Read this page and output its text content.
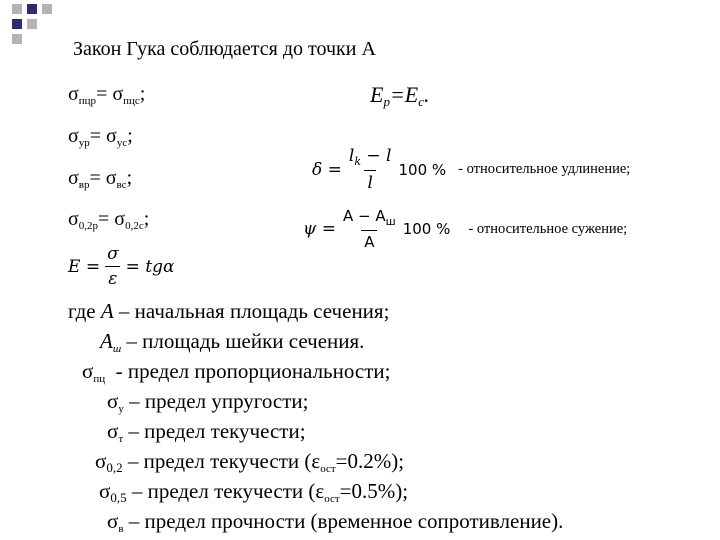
Закон Гука соблюдается до точки А
$\sigma_{пцр}= \sigma_{пцс}$;
$\sigma_{уp}= \sigma_{ус}$;
$\sigma_{вр}= \sigma_{вс}$;
$\sigma_{0,2р}= \sigma_{0,2с}$;
$E = \frac{\sigma}{\varepsilon} = tg\alpha$
Eр=Eс.
$\delta = \frac{l_k - l}{l} 100$ % - относительное удлинение;
$\psi = \frac{A - A_ш}{A} 100$ % - относительное сужение;
где А – начальная площадь сечения;
$А_ш$ – площадь шейки сечения.
$\sigma_{пц}$  - предел пропорциональности;
$\sigma_у$ – предел упругости;
$\sigma_т$ – предел текучести;
σ0,2 – предел текучести $(\varepsilon_{ост}=0.2\%)$;
σ0,5 – предел текучести $(\varepsilon_{ост}=0.5\%)$;
$\sigma_в$ – предел прочности (временное сопротивление).
